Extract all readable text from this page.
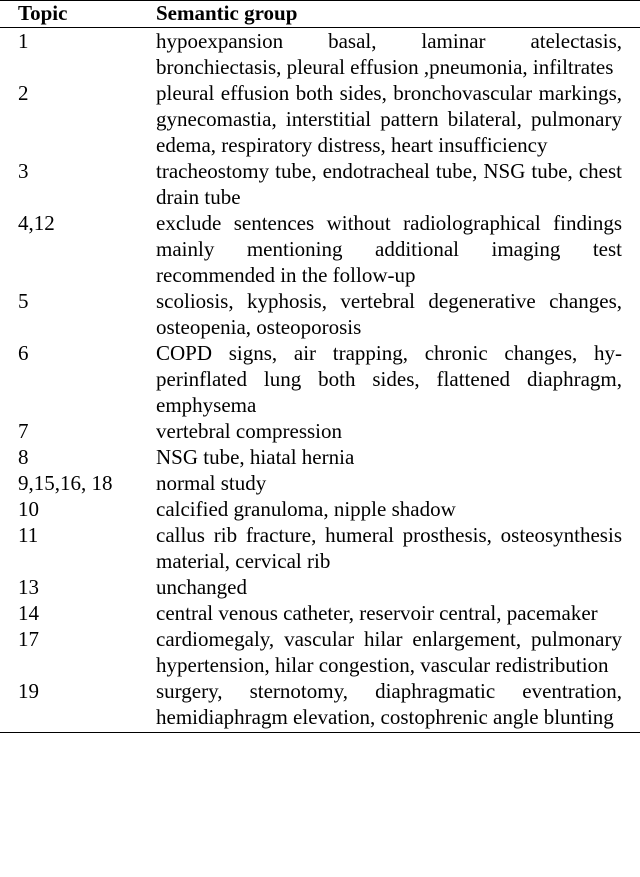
Topic	Semantic group
1	hypoexpansion basal, laminar atelectasis, bronchiectasis, pleural effusion ,pneumonia, infiltrates
2	pleural effusion both sides, bronchovascular markings, gynecomastia, interstitial pattern bilateral, pulmonary edema, respiratory distress, heart insufficiency
3	tracheostomy tube, endotracheal tube, NSG tube, chest drain tube
4,12	exclude sentences without radiolographical findings mainly mentioning additional imaging test recommended in the follow-up
5	scoliosis, kyphosis, vertebral degenerative changes, osteopenia, osteoporosis
6	COPD signs, air trapping, chronic changes, hyperinflated lung both sides, flattened diaphragm, emphysema
7	vertebral compression
8	NSG tube, hiatal hernia
9,15,16, 18	normal study
10	calcified granuloma, nipple shadow
11	callus rib fracture, humeral prosthesis, osteosynthesis material, cervical rib
13	unchanged
14	central venous catheter, reservoir central, pacemaker
17	cardiomegaly, vascular hilar enlargement, pulmonary hypertension, hilar congestion, vascular redistribution
19	surgery, sternotomy, diaphragmatic eventration, hemidiaphragm elevation, costophrenic angle blunting
